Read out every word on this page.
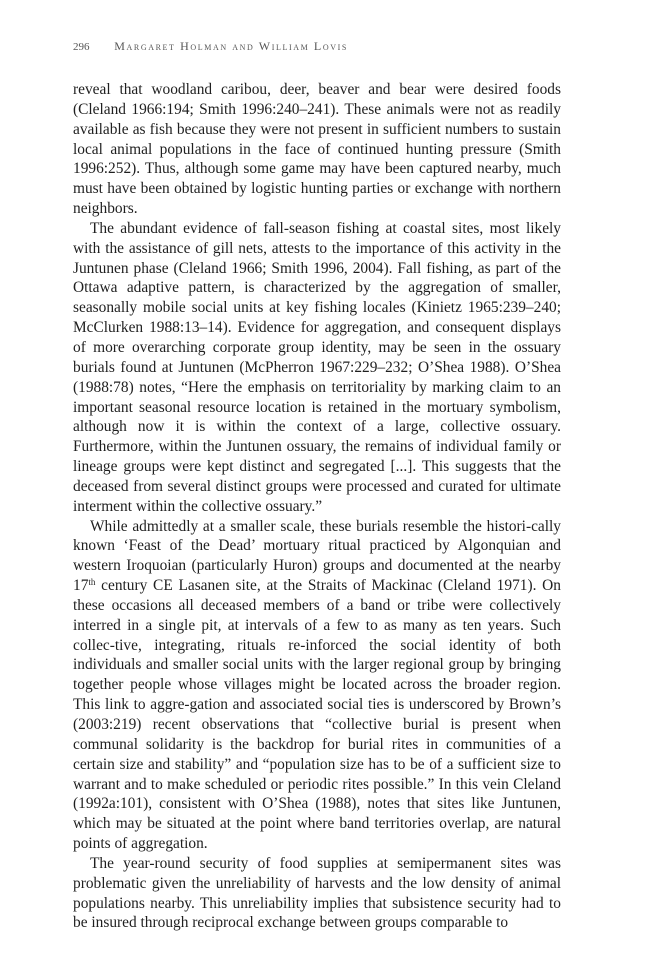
296 Margaret Holman and William Lovis

reveal that woodland caribou, deer, beaver and bear were desired foods (Cleland 1966:194; Smith 1996:240–241). These animals were not as readily available as fish because they were not present in sufficient numbers to sustain local animal populations in the face of continued hunting pressure (Smith 1996:252). Thus, although some game may have been captured nearby, much must have been obtained by logistic hunting parties or exchange with northern neighbors.

The abundant evidence of fall-season fishing at coastal sites, most likely with the assistance of gill nets, attests to the importance of this activity in the Juntunen phase (Cleland 1966; Smith 1996, 2004). Fall fishing, as part of the Ottawa adaptive pattern, is characterized by the aggregation of smaller, seasonally mobile social units at key fishing locales (Kinietz 1965:239–240; McClurken 1988:13–14). Evidence for aggregation, and consequent displays of more overarching corporate group identity, may be seen in the ossuary burials found at Juntunen (McPherron 1967:229–232; O’Shea 1988). O’Shea (1988:78) notes, “Here the emphasis on territoriality by marking claim to an important seasonal resource location is retained in the mortuary symbolism, although now it is within the context of a large, collective ossuary. Furthermore, within the Juntunen ossuary, the remains of individual family or lineage groups were kept distinct and segregated [...]. This suggests that the deceased from several distinct groups were processed and curated for ultimate interment within the collective ossuary.”

While admittedly at a smaller scale, these burials resemble the histori-cally known ‘Feast of the Dead’ mortuary ritual practiced by Algonquian and western Iroquoian (particularly Huron) groups and documented at the nearby 17th century CE Lasanen site, at the Straits of Mackinac (Cleland 1971). On these occasions all deceased members of a band or tribe were collectively interred in a single pit, at intervals of a few to as many as ten years. Such collec-tive, integrating, rituals re-inforced the social identity of both individuals and smaller social units with the larger regional group by bringing together people whose villages might be located across the broader region. This link to aggre-gation and associated social ties is underscored by Brown’s (2003:219) recent observations that “collective burial is present when communal solidarity is the backdrop for burial rites in communities of a certain size and stability” and “population size has to be of a sufficient size to warrant and to make scheduled or periodic rites possible.” In this vein Cleland (1992a:101), consistent with O’Shea (1988), notes that sites like Juntunen, which may be situated at the point where band territories overlap, are natural points of aggregation.

The year-round security of food supplies at semipermanent sites was problematic given the unreliability of harvests and the low density of animal populations nearby. This unreliability implies that subsistence security had to be insured through reciprocal exchange between groups comparable to
